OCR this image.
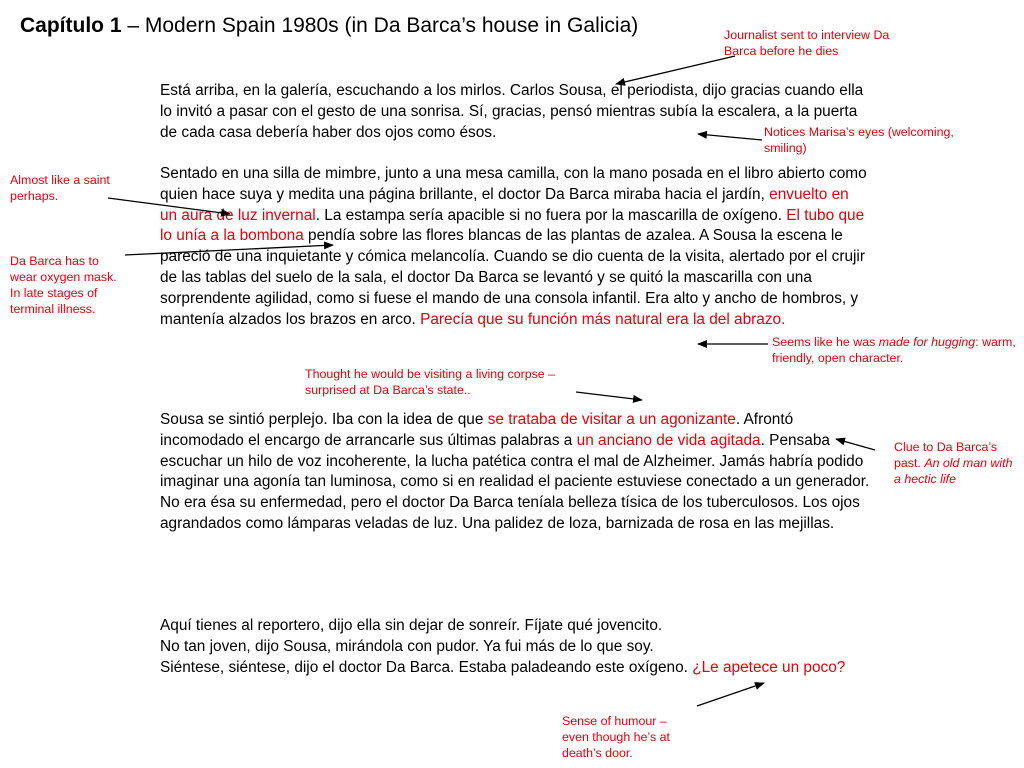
Capítulo 1 – Modern Spain 1980s (in Da Barca’s house in Galicia)
Está arriba, en la galería, escuchando a los mirlos. Carlos Sousa, el periodista, dijo gracias cuando ella lo invitó a pasar con el gesto de una sonrisa. Sí, gracias, pensó mientras subía la escalera, a la puerta de cada casa debería haber dos ojos como ésos.
Sentado en una silla de mimbre, junto a una mesa camilla, con la mano posada en el libro abierto como quien hace suya y medita una página brillante, el doctor Da Barca miraba hacia el jardín, envuelto en un aura de luz invernal. La estampa sería apacible si no fuera por la mascarilla de oxígeno. El tubo que lo unía a la bombona pendía sobre las flores blancas de las plantas de azalea. A Sousa la escena le pareció de una inquietante y cómica melancolía. Cuando se dio cuenta de la visita, alertado por el crujir de las tablas del suelo de la sala, el doctor Da Barca se levantó y se quitó la mascarilla con una sorprendente agilidad, como si fuese el mando de una consola infantil. Era alto y ancho de hombros, y mantenía alzados los brazos en arco. Parecía que su función más natural era la del abrazo.
Sousa se sintió perplejo. Iba con la idea de que se trataba de visitar a un agonizante. Afrontó incomodado el encargo de arrancarle sus últimas palabras a un anciano de vida agitada. Pensaba escuchar un hilo de voz incoherente, la lucha patética contra el mal de Alzheimer. Jamás habría podido imaginar una agonía tan luminosa, como si en realidad el paciente estuviese conectado a un generador. No era ésa su enfermedad, pero el doctor Da Barca teníala belleza tísica de los tuberculosos. Los ojos agrandados como lámparas veladas de luz. Una palidez de loza, barnizada de rosa en las mejillas.
Aquí tienes al reportero, dijo ella sin dejar de sonreír. Fíjate qué jovencito.
No tan joven, dijo Sousa, mirándola con pudor. Ya fui más de lo que soy.
Siéntese, siéntese, dijo el doctor Da Barca. Estaba paladeando este oxígeno. ¿Le apetece un poco?
Journalist sent to interview Da Barca before he dies
Notices Marisa’s eyes (welcoming, smiling)
Almost like a saint perhaps.
Da Barca has to wear oxygen mask. In late stages of terminal illness.
Seems like he was made for hugging: warm, friendly, open character.
Thought he would be visiting a living corpse – surprised at Da Barca’s state..
Clue to Da Barca’s past. An old man with a hectic life
Sense of humour – even though he’s at death’s door.
